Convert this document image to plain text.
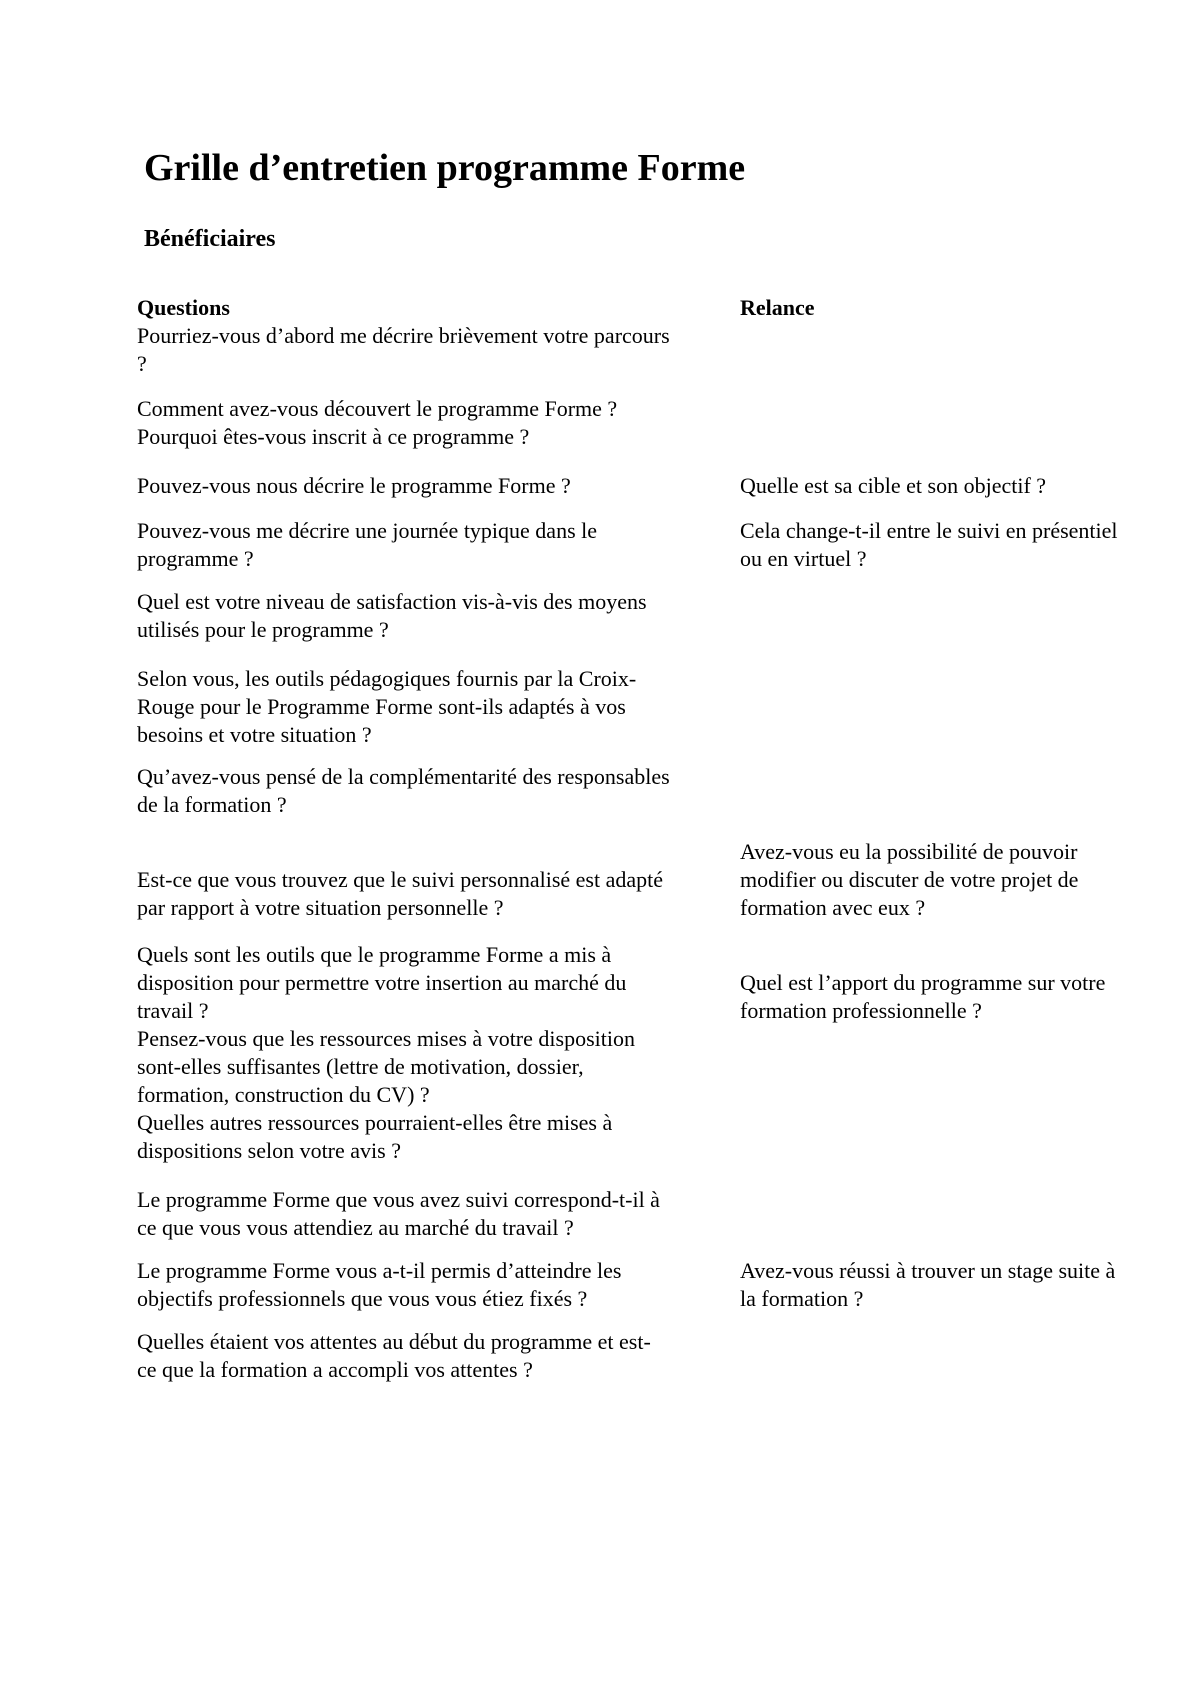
Grille d’entretien programme Forme
Bénéficiaires
Questions	Relance
Pourriez-vous d’abord me décrire brièvement votre parcours
?
Comment avez-vous découvert le programme Forme ?
Pourquoi êtes-vous inscrit à ce programme ?
Pouvez-vous nous décrire le programme Forme ?
Pouvez-vous me décrire une journée typique dans le
programme ?
Quel est votre niveau de satisfaction vis-à-vis des moyens
utilisés pour le programme ?
Selon vous, les outils pédagogiques fournis par la Croix-
Rouge pour le Programme Forme sont-ils adaptés à vos
besoins et votre situation ?
Qu’avez-vous pensé de la complémentarité des responsables
de la formation ?
Est-ce que vous trouvez que le suivi personnalisé est adapté
par rapport à votre situation personnelle ?
Quels sont les outils que le programme Forme a mis à
disposition pour permettre votre insertion au marché du
travail ?
Pensez-vous que les ressources mises à votre disposition
sont-elles suffisantes (lettre de motivation, dossier,
formation, construction du CV) ?
Quelles autres ressources pourraient-elles être mises à
dispositions selon votre avis ?
Le programme Forme que vous avez suivi correspond-t-il à
ce que vous vous attendiez au marché du travail ?
Le programme Forme vous a-t-il permis d’atteindre les
objectifs professionnels que vous vous étiez fixés ?
Quelles étaient vos attentes au début du programme et est-
ce que la formation a accompli vos attentes ?
Quelle est sa cible et son objectif ?
Cela change-t-il entre le suivi en présentiel
ou en virtuel ?
Avez-vous eu la possibilité de pouvoir
modifier ou discuter de votre projet de
formation avec eux ?
Quel est l’apport du programme sur votre
formation professionnelle ?
Avez-vous réussi à trouver un stage suite à
la formation ?
